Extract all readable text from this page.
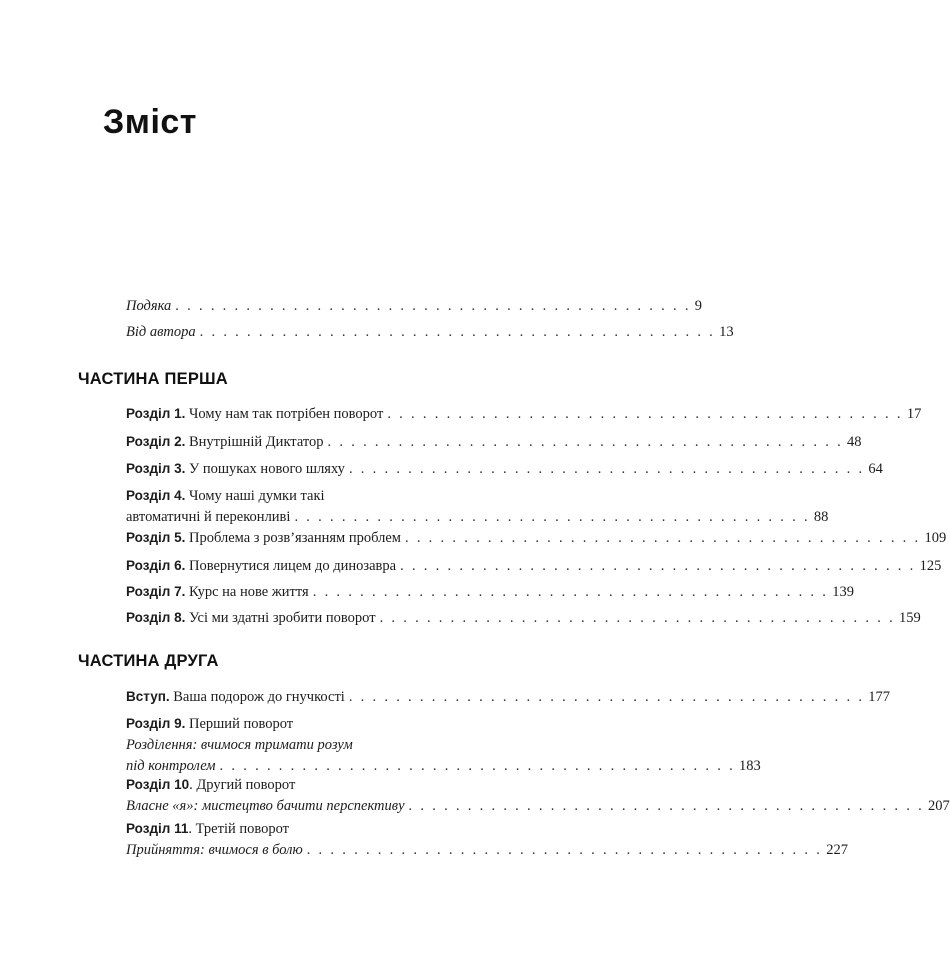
Зміст
Подяка . . . . . . . . . . . . . . . . . . . . . . . . . . . . . . . . . . . . . . . . . . . . 9
Від автора . . . . . . . . . . . . . . . . . . . . . . . . . . . . . . . . . . . . . . . . . . . . 13
ЧАСТИНА ПЕРША
Розділ 1. Чому нам так потрібен поворот . . . . . . . . . . . . . . . . . . . . . . . . . . . . . . . . . . . . . . . . . . . . 17
Розділ 2. Внутрішній Диктатор . . . . . . . . . . . . . . . . . . . . . . . . . . . . . . . . . . . . . . . . . . . . 48
Розділ 3. У пошуках нового шляху . . . . . . . . . . . . . . . . . . . . . . . . . . . . . . . . . . . . . . . . . . . . 64
Розділ 4. Чому наші думки такі
автоматичні й переконливі . . . . . . . . . . . . . . . . . . . . . . . . . . . . . . . . . . . . . . . . . . . . 88
Розділ 5. Проблема з розв’язанням проблем . . . . . . . . . . . . . . . . . . . . . . . . . . . . . . . . . . . . . . . . . . . . 109
Розділ 6. Повернутися лицем до динозавра . . . . . . . . . . . . . . . . . . . . . . . . . . . . . . . . . . . . . . . . . . . . 125
Розділ 7. Курс на нове життя . . . . . . . . . . . . . . . . . . . . . . . . . . . . . . . . . . . . . . . . . . . . 139
Розділ 8. Усі ми здатні зробити поворот . . . . . . . . . . . . . . . . . . . . . . . . . . . . . . . . . . . . . . . . . . . . 159
ЧАСТИНА ДРУГА
Вступ. Ваша подорож до гнучкості . . . . . . . . . . . . . . . . . . . . . . . . . . . . . . . . . . . . . . . . . . . . 177
Розділ 9. Перший поворот
Розділення: вчимося тримати розум
під контролем . . . . . . . . . . . . . . . . . . . . . . . . . . . . . . . . . . . . . . . . . . . . 183
Розділ 10. Другий поворот
Власне «я»: мистецтво бачити перспективу . . . . . . . . . . . . . . . . . . . . . . . . . . . . . . . . . . . . . . . . . . . . 207
Розділ 11. Третій поворот
Прийняття: вчимося в болю . . . . . . . . . . . . . . . . . . . . . . . . . . . . . . . . . . . . . . . . . . . . 227
